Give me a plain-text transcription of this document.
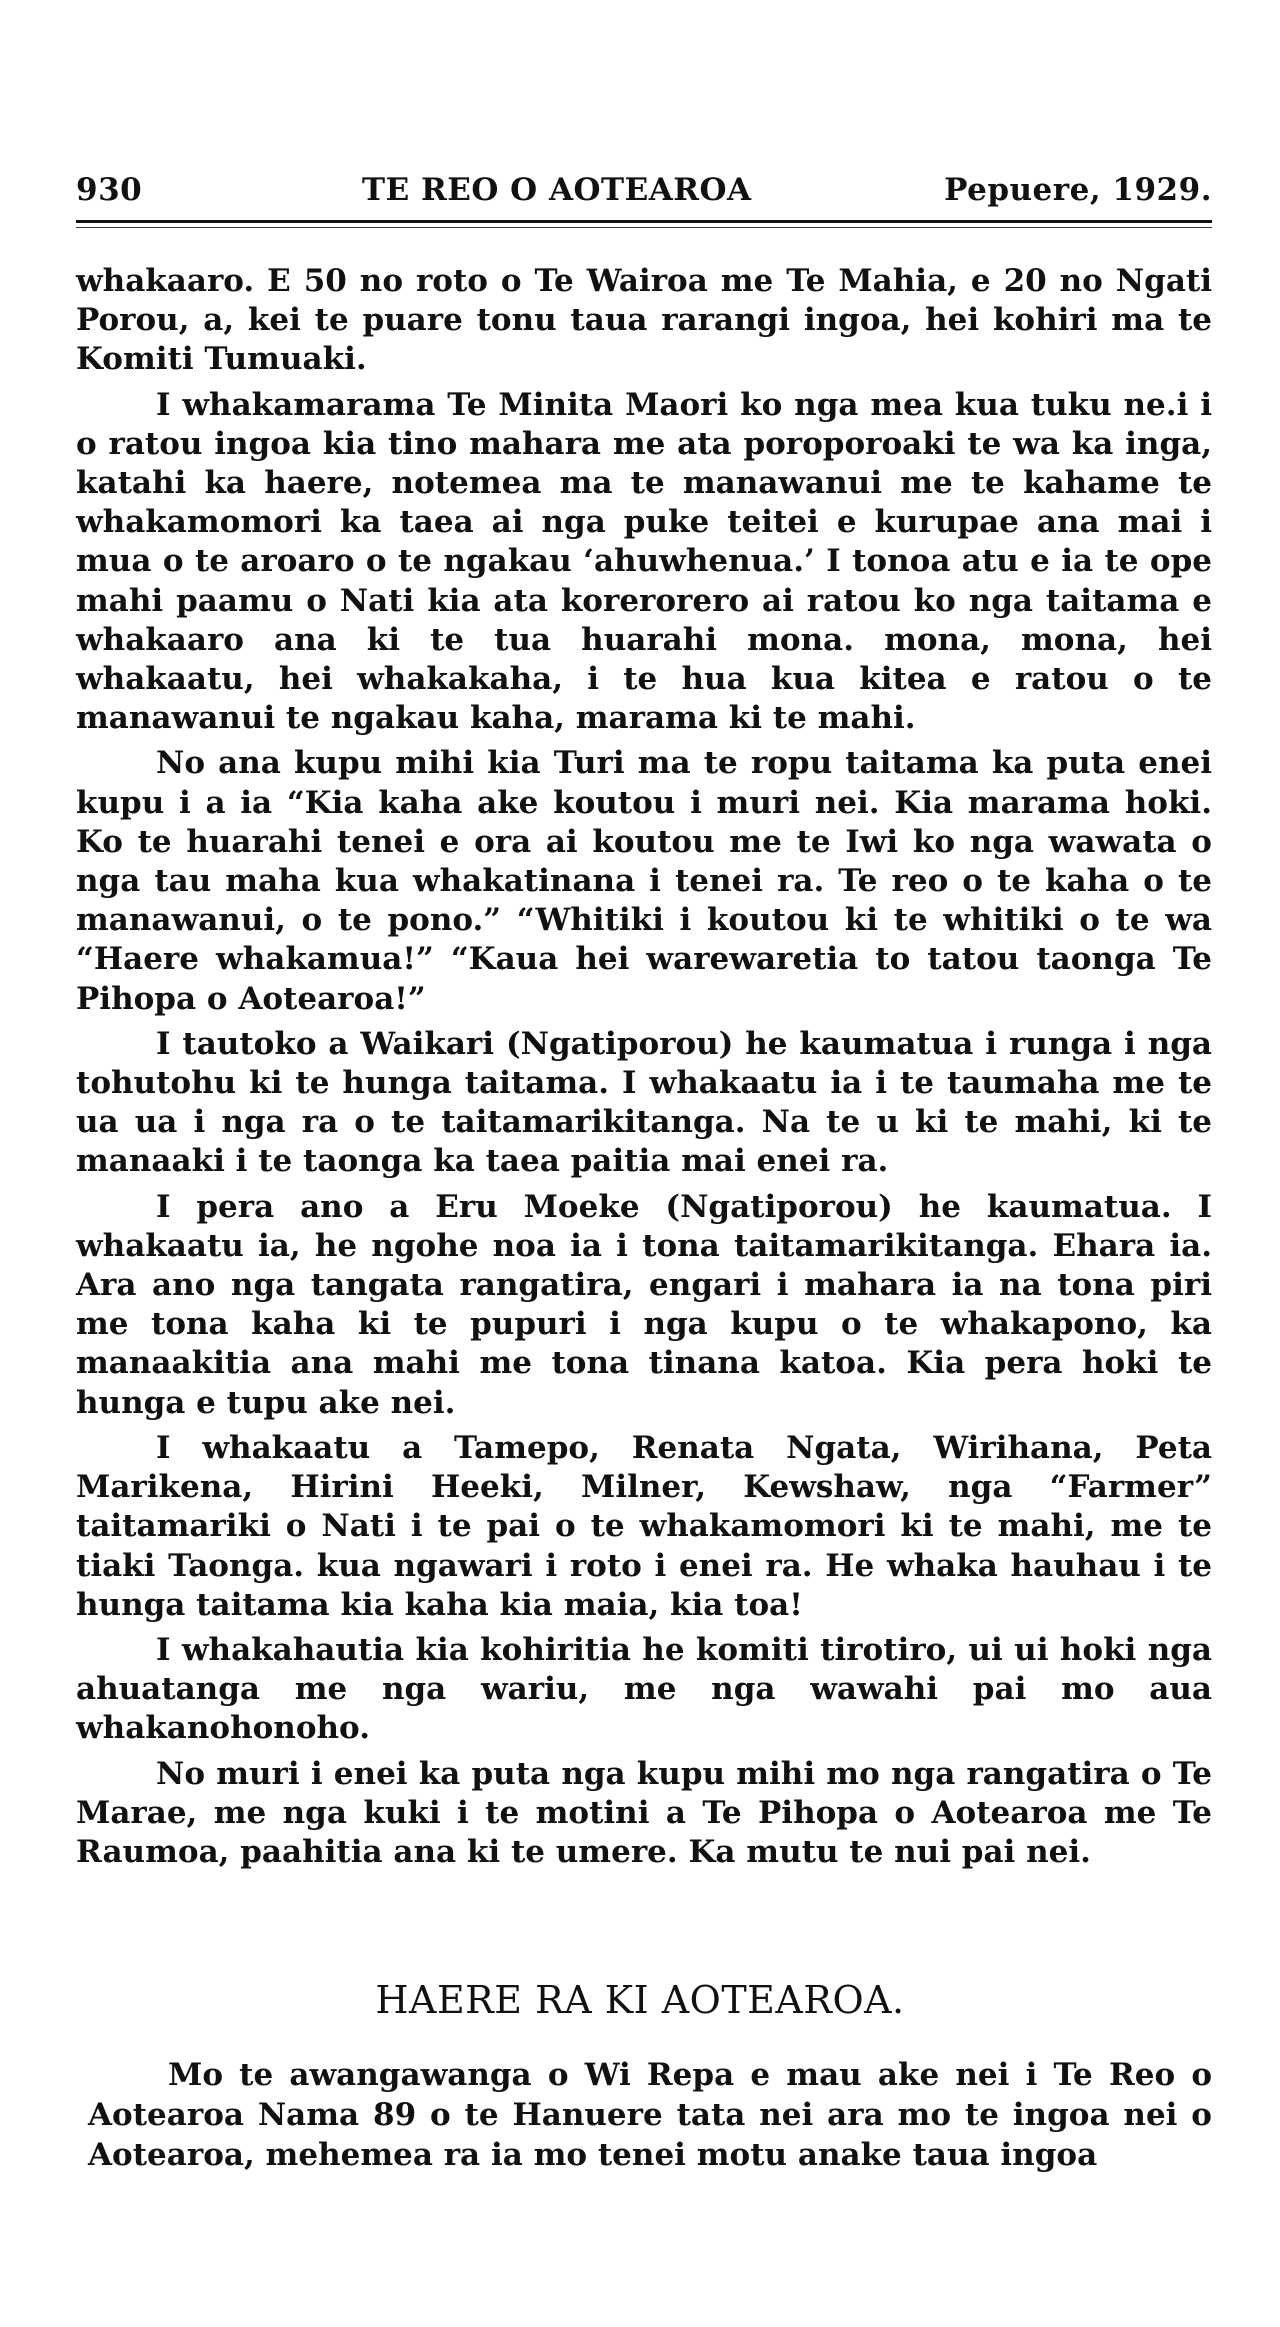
930	TE REO O AOTEAROA	Pepuere, 1929.

whakaaro. E 50 no roto o Te Wairoa me Te Mahia, e 20 no Ngati Porou, a, kei te puare tonu taua rarangi ingoa, hei kohiri ma te Komiti Tumuaki.

I whakamarama Te Minita Maori ko nga mea kua tuku ne.i i o ratou ingoa kia tino mahara me ata poroporoaki te wa ka inga, katahi ka haere, notemea ma te manawanui me te kahame te whakamomori ka taea ai nga puke teitei e kurupae ana mai i mua o te aroaro o te ngakau ‘ahuwhenua.’ I tonoa atu e ia te ope mahi paamu o Nati kia ata korerorero ai ratou ko nga taitama e whakaaro ana ki te tua huarahi mona. mona, mona, hei whakaatu, hei whakakaha, i te hua kua kitea e ratou o te manawanui te ngakau kaha, marama ki te mahi.

No ana kupu mihi kia Turi ma te ropu taitama ka puta enei kupu i a ia “Kia kaha ake koutou i muri nei. Kia marama hoki. Ko te huarahi tenei e ora ai koutou me te Iwi ko nga wawata o nga tau maha kua whakatinana i tenei ra. Te reo o te kaha o te manawanui, o te pono.” “Whitiki i koutou ki te whitiki o te wa “Haere whakamua!” “Kaua hei warewaretia to tatou taonga Te Pihopa o Aotearoa!”

I tautoko a Waikari (Ngatiporou) he kaumatua i runga i nga tohutohu ki te hunga taitama. I whakaatu ia i te taumaha me te ua ua i nga ra o te taitamarikitanga. Na te u ki te mahi, ki te manaaki i te taonga ka taea paitia mai enei ra.

I pera ano a Eru Moeke (Ngatiporou) he kaumatua. I whakaatu ia, he ngohe noa ia i tona taitamarikitanga. Ehara ia. Ara ano nga tangata rangatira, engari i mahara ia na tona piri me tona kaha ki te pupuri i nga kupu o te whakapono, ka manaakitia ana mahi me tona tinana katoa. Kia pera hoki te hunga e tupu ake nei.

I whakaatu a Tamepo, Renata Ngata, Wirihana, Peta Marikena, Hirini Heeki, Milner, Kewshaw, nga “Farmer” taitamariki o Nati i te pai o te whakamomori ki te mahi, me te tiaki Taonga. kua ngawari i roto i enei ra. He whaka hauhau i te hunga taitama kia kaha kia maia, kia toa!

I whakahautia kia kohiritia he komiti tirotiro, ui ui hoki nga ahuatanga me nga wariu, me nga wawahi pai mo aua whakanohonoho.

No muri i enei ka puta nga kupu mihi mo nga rangatira o Te Marae, me nga kuki i te motini a Te Pihopa o Aotearoa me Te Raumoa, paahitia ana ki te umere. Ka mutu te nui pai nei.

HAERE RA KI AOTEAROA.

Mo te awangawanga o Wi Repa e mau ake nei i Te Reo o Aotearoa Nama 89 o te Hanuere tata nei ara mo te ingoa nei o Aotearoa, mehemea ra ia mo tenei motu anake taua ingoa
